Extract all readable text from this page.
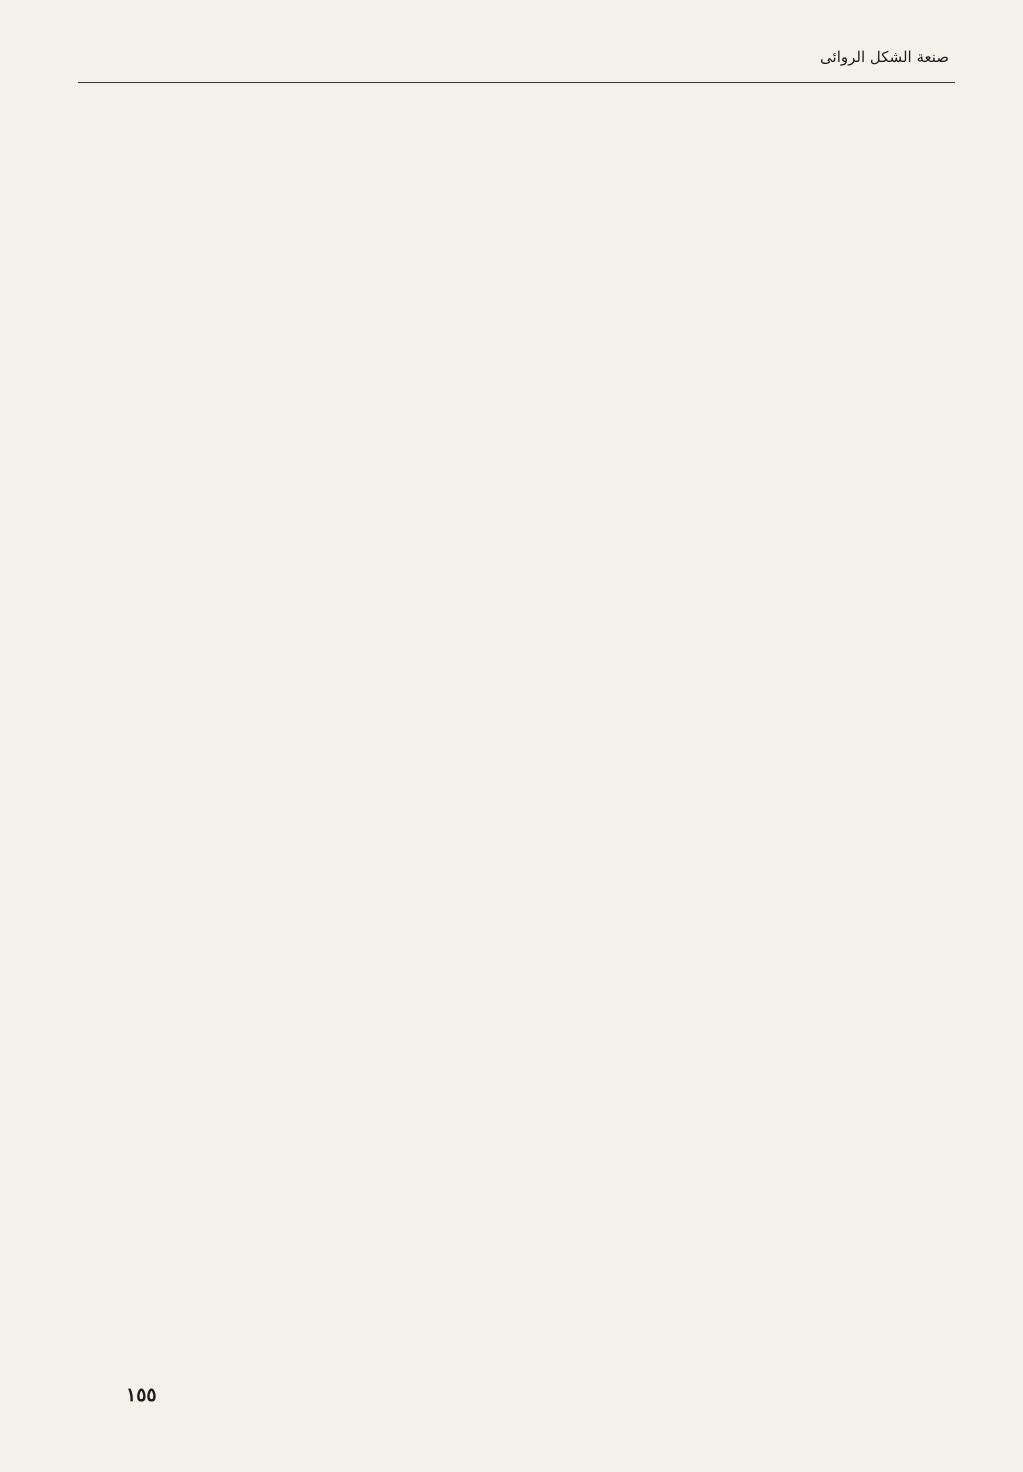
صنعة الشكل الروائى
١٥٥
